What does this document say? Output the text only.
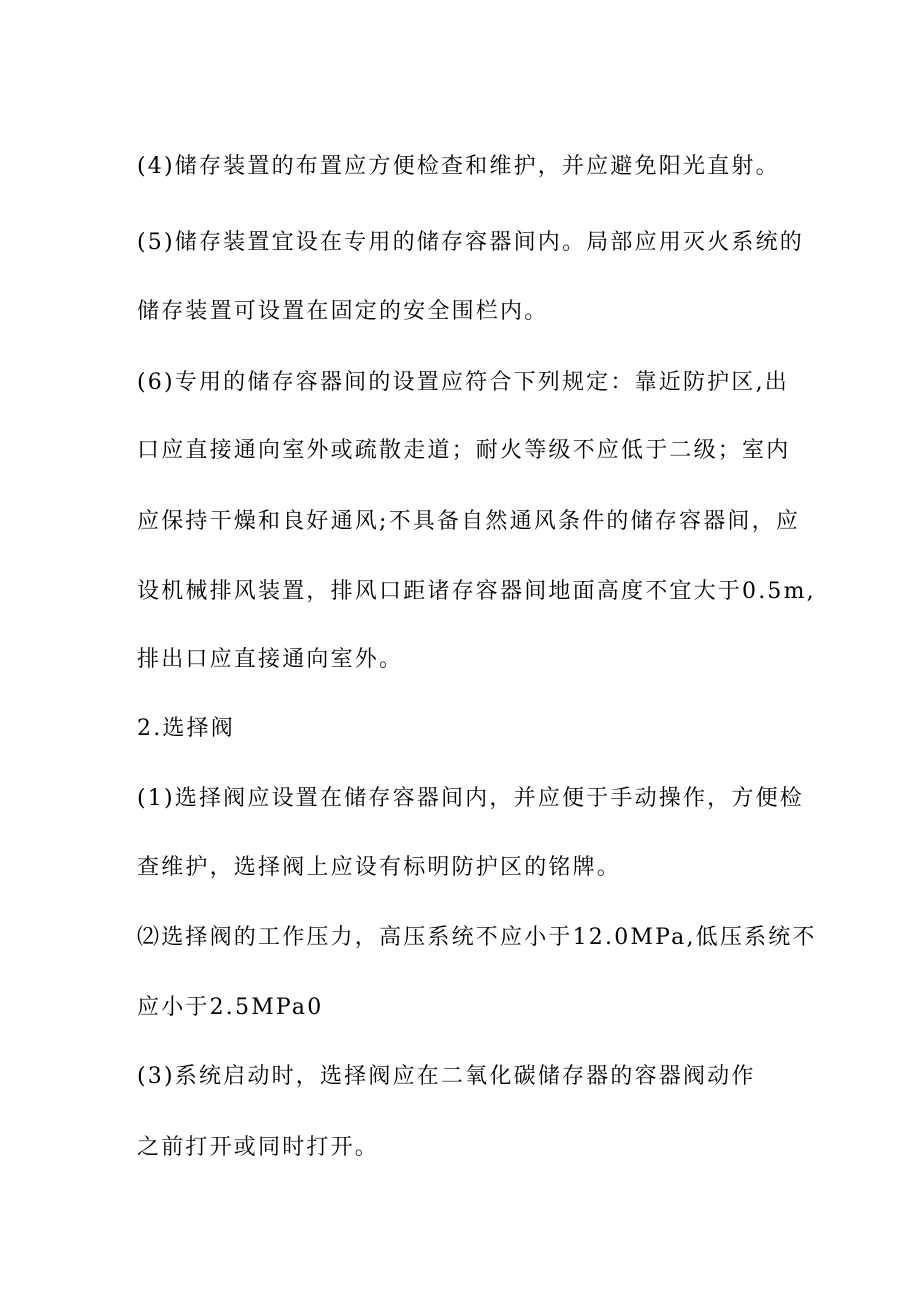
(4)储存装置的布置应方便检查和维护，并应避免阳光直射。
(5)储存装置宜设在专用的储存容器间内。局部应用灭火系统的
储存装置可设置在固定的安全围栏内。
(6)专用的储存容器间的设置应符合下列规定：靠近防护区,出
口应直接通向室外或疏散走道；耐火等级不应低于二级；室内
应保持干燥和良好通风;不具备自然通风条件的储存容器间，应
设机械排风装置，排风口距诸存容器间地面高度不宜大于0.5m,
排出口应直接通向室外。
2.选择阀
(1)选择阀应设置在储存容器间内，并应便于手动操作，方便检
查维护，选择阀上应设有标明防护区的铭牌。
⑵选择阀的工作压力，高压系统不应小于12.0MPa,低压系统不
应小于2.5MPa0
(3)系统启动时，选择阀应在二氧化碳储存器的容器阀动作
之前打开或同时打开。
